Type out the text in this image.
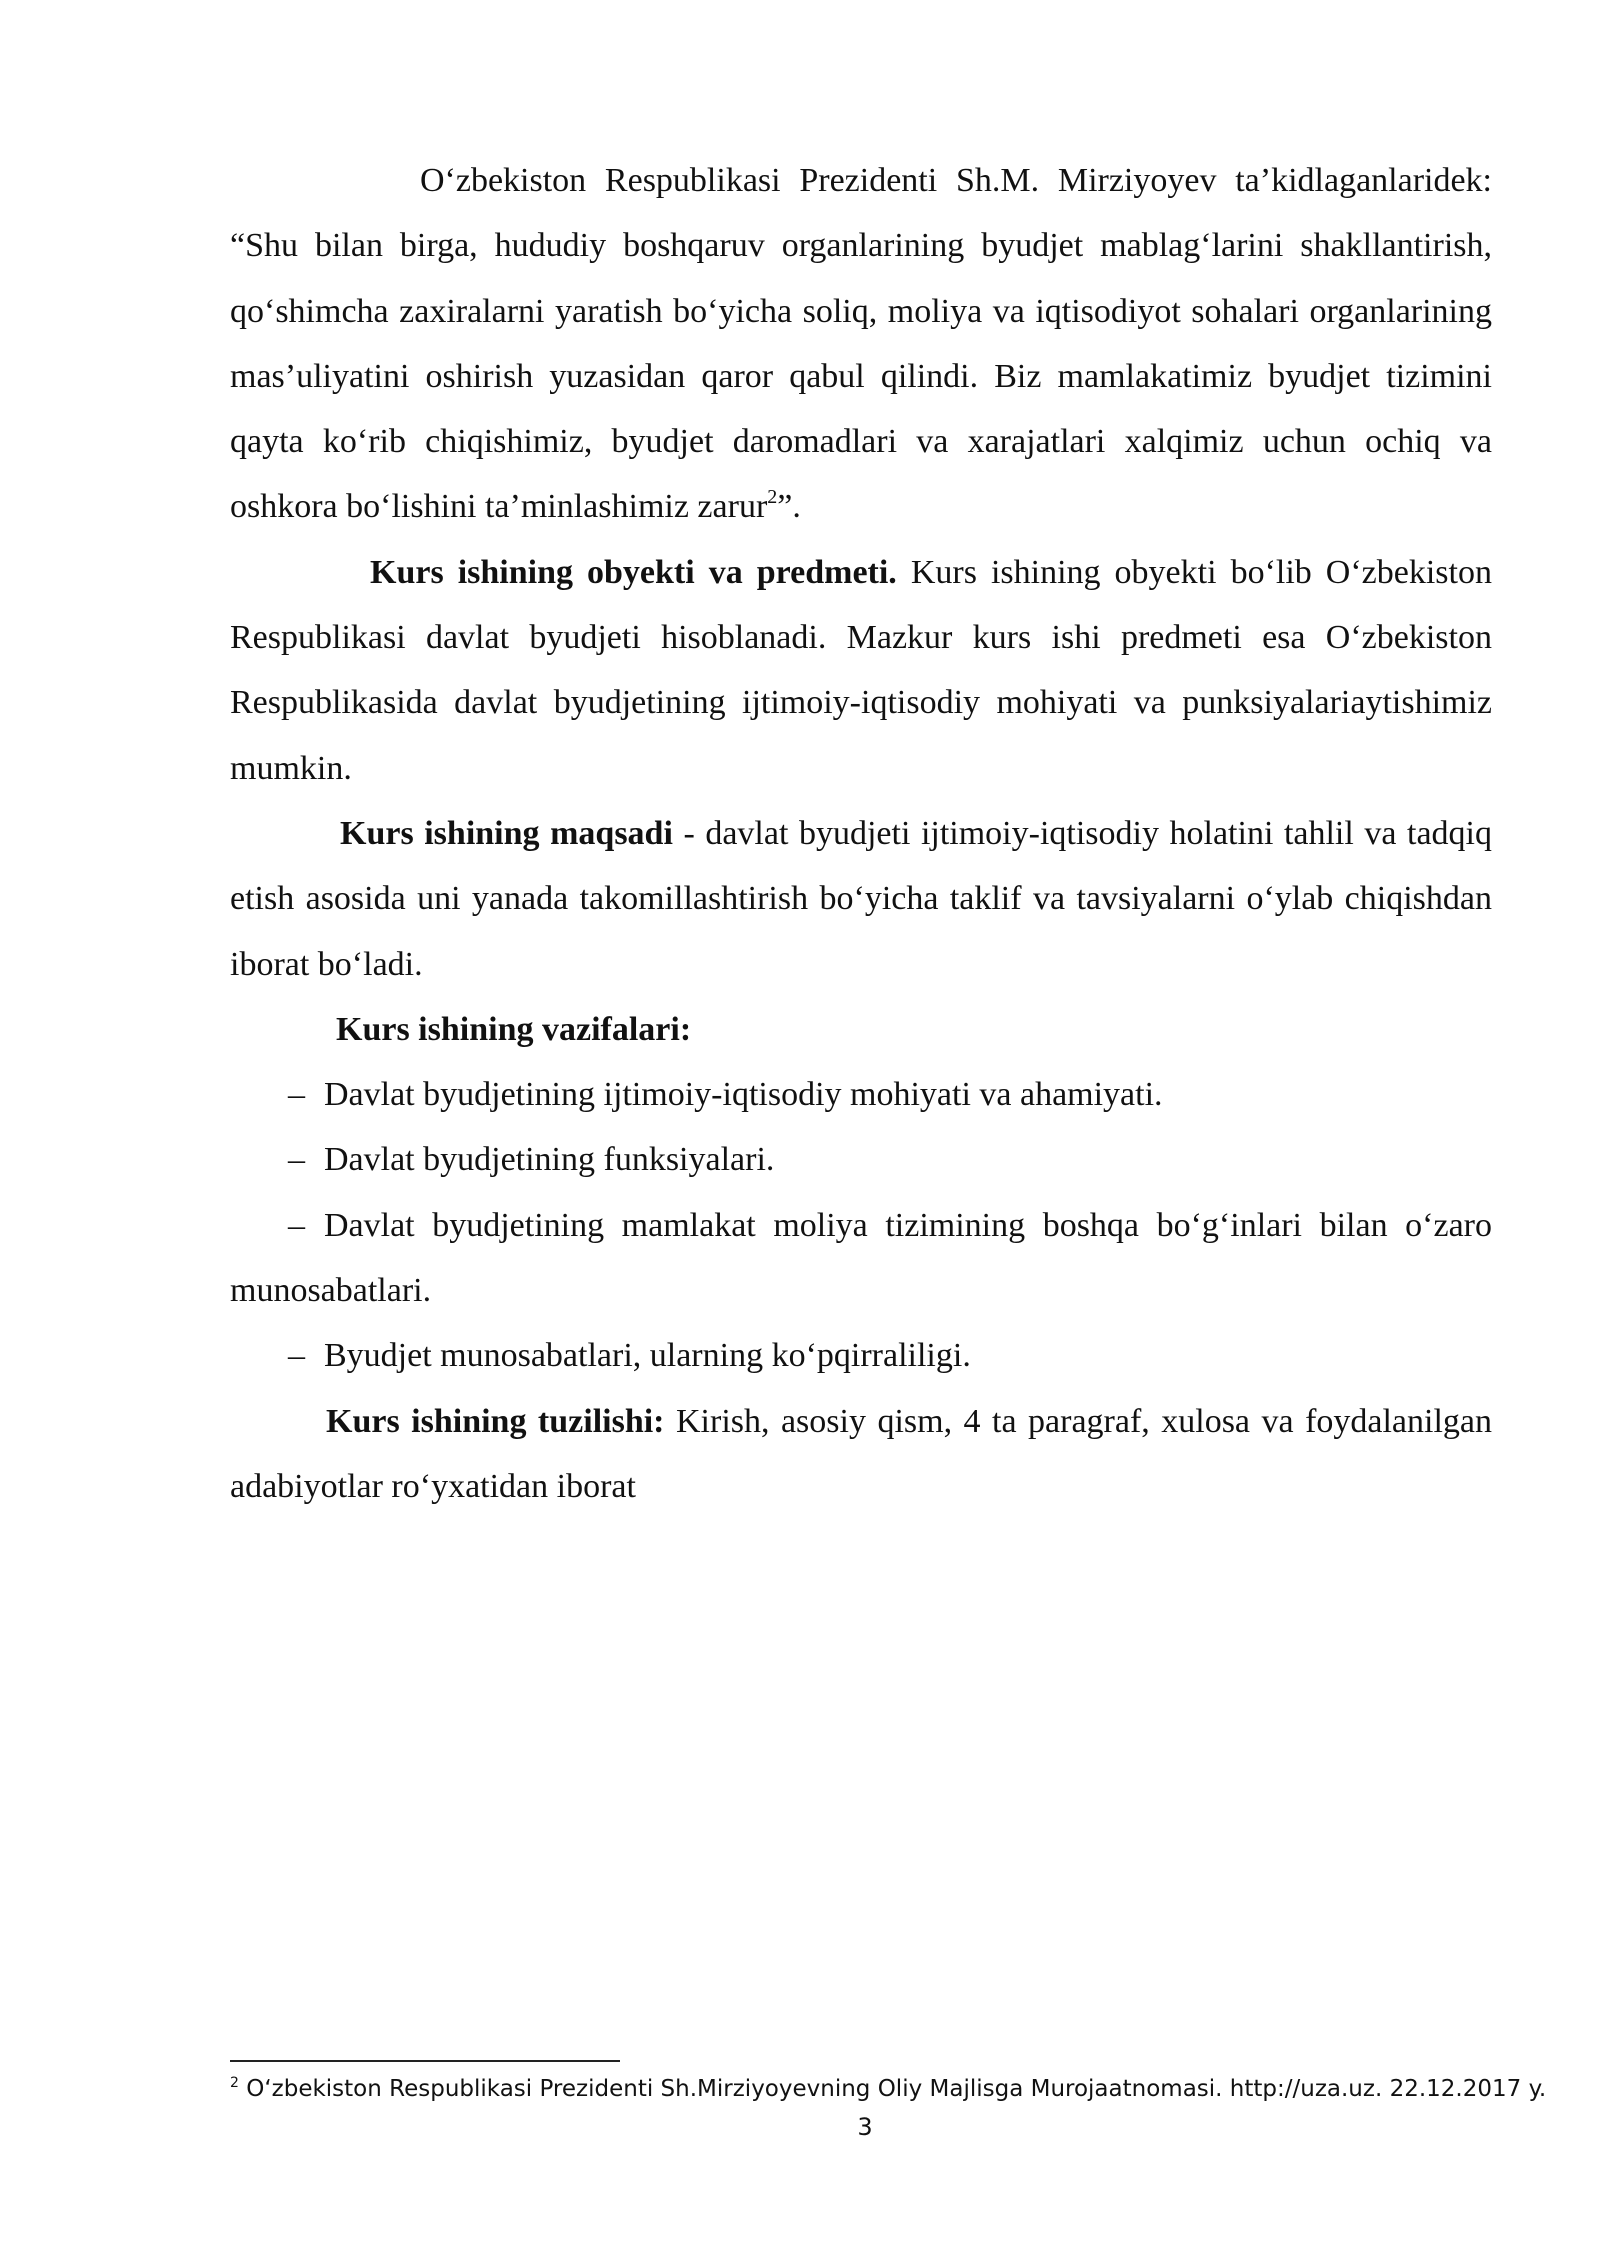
O‘zbekiston Respublikasi Prezidenti Sh.M. Mirziyoyev ta’kidlaganlaridek: “Shu bilan birga, hududiy boshqaruv organlarining byudjet mablag‘larini shakllantirish, qo‘shimcha zaxiralarni yaratish bo‘yicha soliq, moliya va iqtisodiyot sohalari organlarining mas’uliyatini oshirish yuzasidan qaror qabul qilindi. Biz mamlakatimiz byudjet tizimini qayta ko‘rib chiqishimiz, byudjet daromadlari va xarajatlari xalqimiz uchun ochiq va oshkora bo‘lishini ta’minlashimiz zarur$^2$”.

Kurs ishining obyekti va predmeti. Kurs ishining obyekti bo‘lib O‘zbekiston Respublikasi davlat byudjeti hisoblanadi. Mazkur kurs ishi predmeti esa O‘zbekiston Respublikasida davlat byudjetining ijtimoiy-iqtisodiy mohiyati va punksiyalariaytishimiz mumkin.

Kurs ishining maqsadi - davlat byudjeti ijtimoiy-iqtisodiy holatini tahlil va tadqiq etish asosida uni yanada takomillashtirish bo‘yicha taklif va tavsiyalarni o‘ylab chiqishdan iborat bo‘ladi.

Kurs ishining vazifalari:

– Davlat byudjetining ijtimoiy-iqtisodiy mohiyati va ahamiyati.

– Davlat byudjetining funksiyalari.

– Davlat byudjetining mamlakat moliya tizimining boshqa bo‘g‘inlari bilan o‘zaro munosabatlari.

– Byudjet munosabatlari, ularning ko‘pqirraliligi.

Kurs ishining tuzilishi: Kirish, asosiy qism, 4 ta paragraf, xulosa va foydalanilgan adabiyotlar ro‘yxatidan iborat

$^2$ O‘zbekiston Respublikasi Prezidenti Sh.Mirziyoyevning Oliy Majlisga Murojaatnomasi. http://uza.uz. 22.12.2017 y.
3
